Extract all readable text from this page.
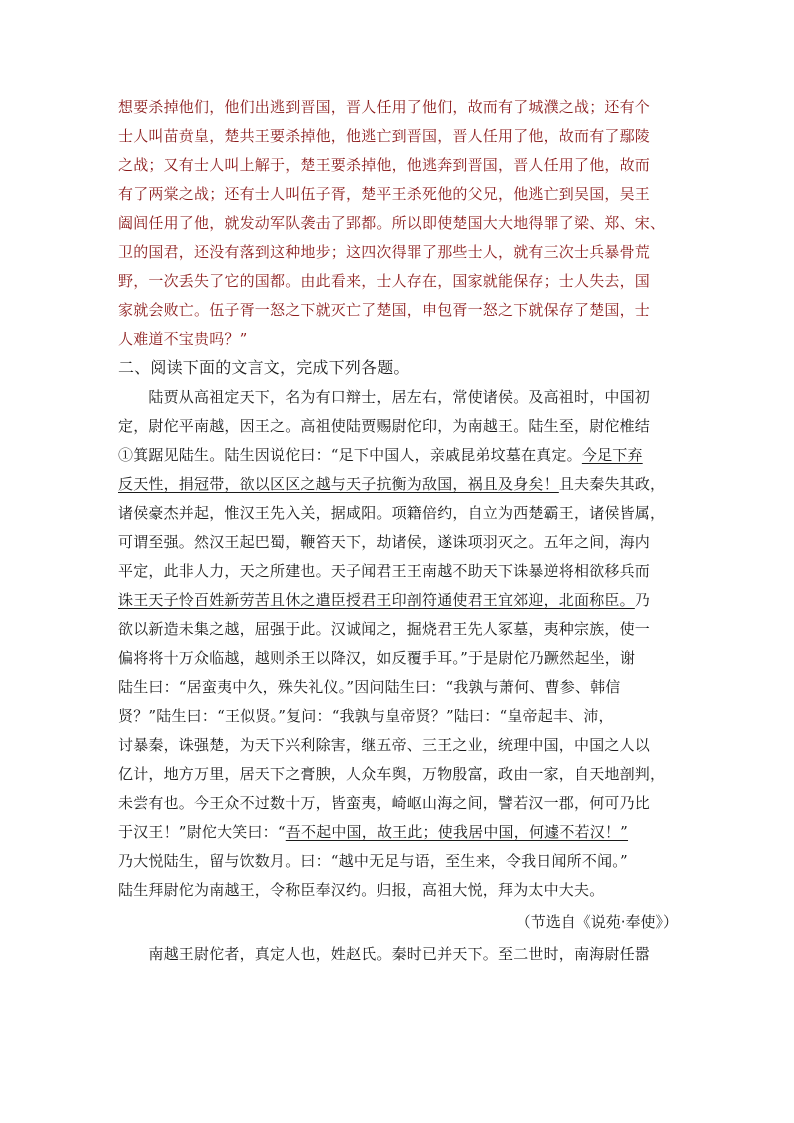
想要杀掉他们，他们出逃到晋国，晋人任用了他们，故而有了城濮之战；还有个
士人叫苗贲皇，楚共王要杀掉他，他逃亡到晋国，晋人任用了他，故而有了鄢陵
之战；又有士人叫上解于，楚王要杀掉他，他逃奔到晋国，晋人任用了他，故而
有了两棠之战；还有士人叫伍子胥，楚平王杀死他的父兄，他逃亡到吴国，吴王
阖闾任用了他，就发动军队袭击了郢都。所以即使楚国大大地得罪了梁、郑、宋、
卫的国君，还没有落到这种地步；这四次得罪了那些士人，就有三次士兵暴骨荒
野，一次丢失了它的国都。由此看来，士人存在，国家就能保存；士人失去，国
家就会败亡。伍子胥一怒之下就灭亡了楚国，申包胥一怒之下就保存了楚国，士
人难道不宝贵吗？”
二、阅读下面的文言文，完成下列各题。
　　陆贾从高祖定天下，名为有口辩士，居左右，常使诸侯。及高祖时，中国初
定，尉佗平南越，因王之。高祖使陆贾赐尉佗印，为南越王。陆生至，尉佗椎结
①箕踞见陆生。陆生因说佗曰：“足下中国人，亲戚昆弟坟墓在真定。今足下弃
反天性，捐冠带，欲以区区之越与天子抗衡为敌国，祸且及身矣！且夫秦失其政，
诸侯豪杰并起，惟汉王先入关，据咸阳。项籍倍约，自立为西楚霸王，诸侯皆属，
可谓至强。然汉王起巴蜀，鞭笞天下，劫诸侯，遂诛项羽灭之。五年之间，海内
平定，此非人力，天之所建也。天子闻君王王南越不助天下诛暴逆将相欲移兵而
诛王天子怜百姓新劳苦且休之遣臣授君王印剖符通使君王宜郊迎，北面称臣。乃
欲以新造未集之越，屈强于此。汉诚闻之，掘烧君王先人冢墓，夷种宗族，使一
偏将将十万众临越，越则杀王以降汉，如反覆手耳。”于是尉佗乃蹶然起坐，谢
陆生曰：“居蛮夷中久，殊失礼仪。”因问陆生曰：“我孰与萧何、曹参、韩信
贤？”陆生曰：“王似贤。”复问：“我孰与皇帝贤？”陆曰：“皇帝起丰、沛，
讨暴秦，诛强楚，为天下兴利除害，继五帝、三王之业，统理中国，中国之人以
亿计，地方万里，居天下之膏腴，人众车舆，万物殷富，政由一家，自天地剖判，
未尝有也。今王众不过数十万，皆蛮夷，崎岖山海之间，譬若汉一郡，何可乃比
于汉王！”尉佗大笑曰：“吾不起中国，故王此；使我居中国，何遽不若汉！”
乃大悦陆生，留与饮数月。曰：“越中无足与语，至生来，令我日闻所不闻。”
陆生拜尉佗为南越王，令称臣奉汉约。归报，高祖大悦，拜为太中大夫。
（节选自《说苑·奉使》）
　　南越王尉佗者，真定人也，姓赵氏。秦时已并天下。至二世时，南海尉任嚣
